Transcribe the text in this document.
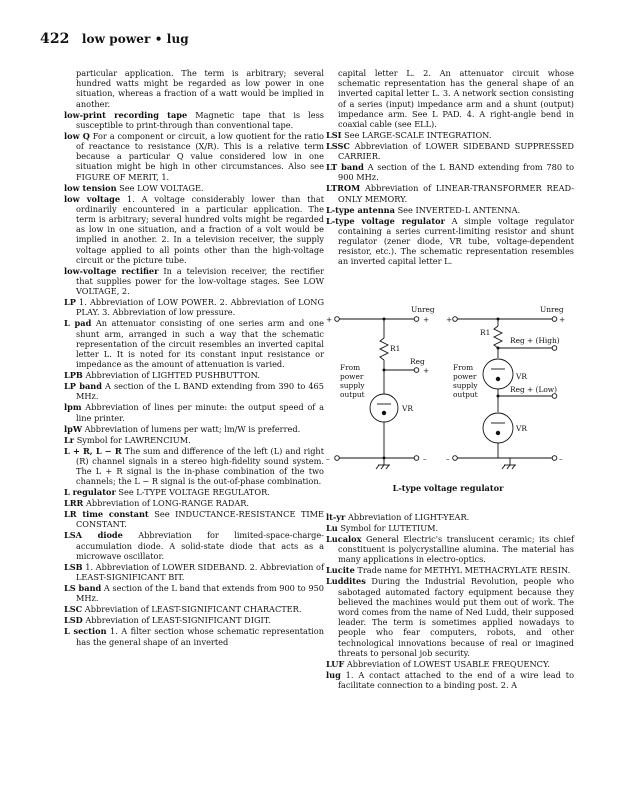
422 low power • lug

particular application. The term is arbitrary; several hundred watts might be regarded as low power in one situation, whereas a fraction of a watt would be implied in another.

low-print recording tape Magnetic tape that is less susceptible to print-through than conventional tape.

low Q For a component or circuit, a low quotient for the ratio of reactance to resistance (X/R). This is a relative term because a particular Q value considered low in one situation might be high in other circumstances. Also see FIGURE OF MERIT, 1.

low tension See LOW VOLTAGE.

low voltage 1. A voltage considerably lower than that ordinarily encountered in a particular application. The term is arbitrary; several hundred volts might be regarded as low in one situation, and a fraction of a volt would be implied in another. 2. In a television receiver, the supply voltage applied to all points other than the high-voltage circuit or the picture tube.

low-voltage rectifier In a television receiver, the rectifier that supplies power for the low-voltage stages. See LOW VOLTAGE, 2.

LP 1. Abbreviation of LOW POWER. 2. Abbreviation of LONG PLAY. 3. Abbreviation of low pressure.

L pad An attenuator consisting of one series arm and one shunt arm, arranged in such a way that the schematic representation of the circuit resembles an inverted capital letter L. It is noted for its constant input resistance or impedance as the amount of attenuation is varied.

LPB Abbreviation of LIGHTED PUSHBUTTON.

LP band A section of the L BAND extending from 390 to 465 MHz.

lpm Abbreviation of lines per minute: the output speed of a line printer.

lpW Abbreviation of lumens per watt; lm/W is preferred.

Lr Symbol for LAWRENCIUM.

L + R, L − R The sum and difference of the left (L) and right (R) channel signals in a stereo high-fidelity sound system. The L + R signal is the in-phase combination of the two channels; the L − R signal is the out-of-phase combination.

L regulator See L-TYPE VOLTAGE REGULATOR.

LRR Abbreviation of LONG-RANGE RADAR.

LR time constant See INDUCTANCE-RESISTANCE TIME CONSTANT.

LSA diode Abbreviation for limited-space-charge-accumulation diode. A solid-state diode that acts as a microwave oscillator.

LSB 1. Abbreviation of LOWER SIDEBAND. 2. Abbreviation of LEAST-SIGNIFICANT BIT.

LS band A section of the L band that extends from 900 to 950 MHz.

LSC Abbreviation of LEAST-SIGNIFICANT CHARACTER.

LSD Abbreviation of LEAST-SIGNIFICANT DIGIT.

L section 1. A filter section whose schematic representation has the general shape of an inverted

capital letter L. 2. An attenuator circuit whose schematic representation has the general shape of an inverted capital letter L. 3. A network section consisting of a series (input) impedance arm and a shunt (output) impedance arm. See L PAD. 4. A right-angle bend in coaxial cable (see ELL).

LSI See LARGE-SCALE INTEGRATION.

LSSC Abbreviation of LOWER SIDEBAND SUPPRESSED CARRIER.

LT band A section of the L BAND extending from 780 to 900 MHz.

LTROM Abbreviation of LINEAR-TRANSFORMER READ-ONLY MEMORY.

L-type antenna See INVERTED-L ANTENNA.

L-type voltage regulator A simple voltage regulator containing a series current-limiting resistor and shunt regulator (zener diode, VR tube, voltage-dependent resistor, etc.). The schematic representation resembles an inverted capital letter L.

+
Unreg
+
R1
Reg
+
From
power
supply
output
VR
–	–
+
Unreg
+
R1
Reg + (High)
From
power
supply
output
VR
Reg + (Low)
VR
–	–
L-type voltage regulator

lt-yr Abbreviation of LIGHT-YEAR.

Lu Symbol for LUTETIUM.

Lucalox General Electric's translucent ceramic; its chief constituent is polycrystalline alumina. The material has many applications in electro-optics.

Lucite Trade name for METHYL METHACRYLATE RESIN.

Luddites During the Industrial Revolution, people who sabotaged automated factory equipment because they believed the machines would put them out of work. The word comes from the name of Ned Ludd, their supposed leader. The term is sometimes applied nowadays to people who fear computers, robots, and other technological innovations because of real or imagined threats to personal job security.

LUF Abbreviation of LOWEST USABLE FREQUENCY.

lug 1. A contact attached to the end of a wire lead to facilitate connection to a binding post. 2. A
